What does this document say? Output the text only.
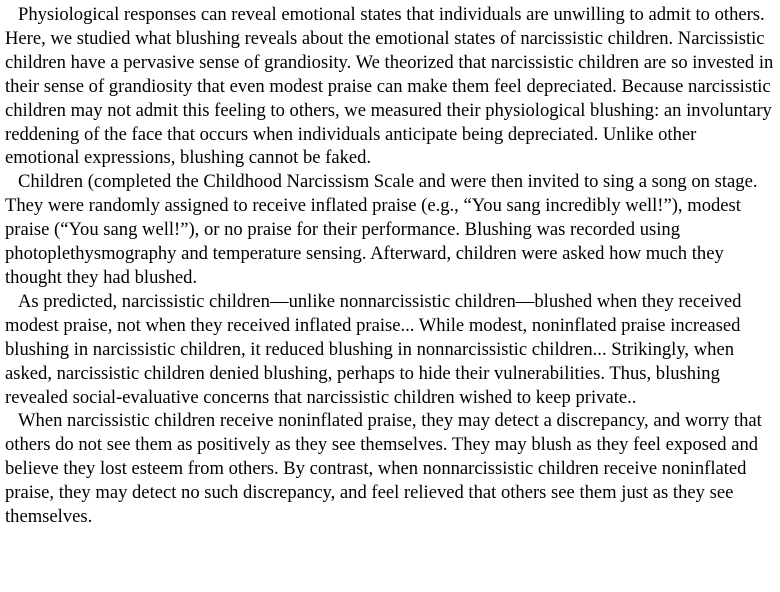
Physiological responses can reveal emotional states that individuals are unwilling to admit to others. Here, we studied what blushing reveals about the emotional states of narcissistic children. Narcissistic children have a pervasive sense of grandiosity. We theorized that narcissistic children are so invested in their sense of grandiosity that even modest praise can make them feel depreciated. Because narcissistic children may not admit this feeling to others, we measured their physiological blushing: an involuntary reddening of the face that occurs when individuals anticipate being depreciated. Unlike other emotional expressions, blushing cannot be faked.

Children (completed the Childhood Narcissism Scale and were then invited to sing a song on stage. They were randomly assigned to receive inflated praise (e.g., “You sang incredibly well!”), modest praise (“You sang well!”), or no praise for their performance. Blushing was recorded using photoplethysmography and temperature sensing. Afterward, children were asked how much they thought they had blushed.

As predicted, narcissistic children—unlike nonnarcissistic children—blushed when they received modest praise, not when they received inflated praise... While modest, noninflated praise increased blushing in narcissistic children, it reduced blushing in nonnarcissistic children... Strikingly, when asked, narcissistic children denied blushing, perhaps to hide their vulnerabilities. Thus, blushing revealed social-evaluative concerns that narcissistic children wished to keep private..

When narcissistic children receive noninflated praise, they may detect a discrepancy, and worry that others do not see them as positively as they see themselves. They may blush as they feel exposed and believe they lost esteem from others. By contrast, when nonnarcissistic children receive noninflated praise, they may detect no such discrepancy, and feel relieved that others see them just as they see themselves.
